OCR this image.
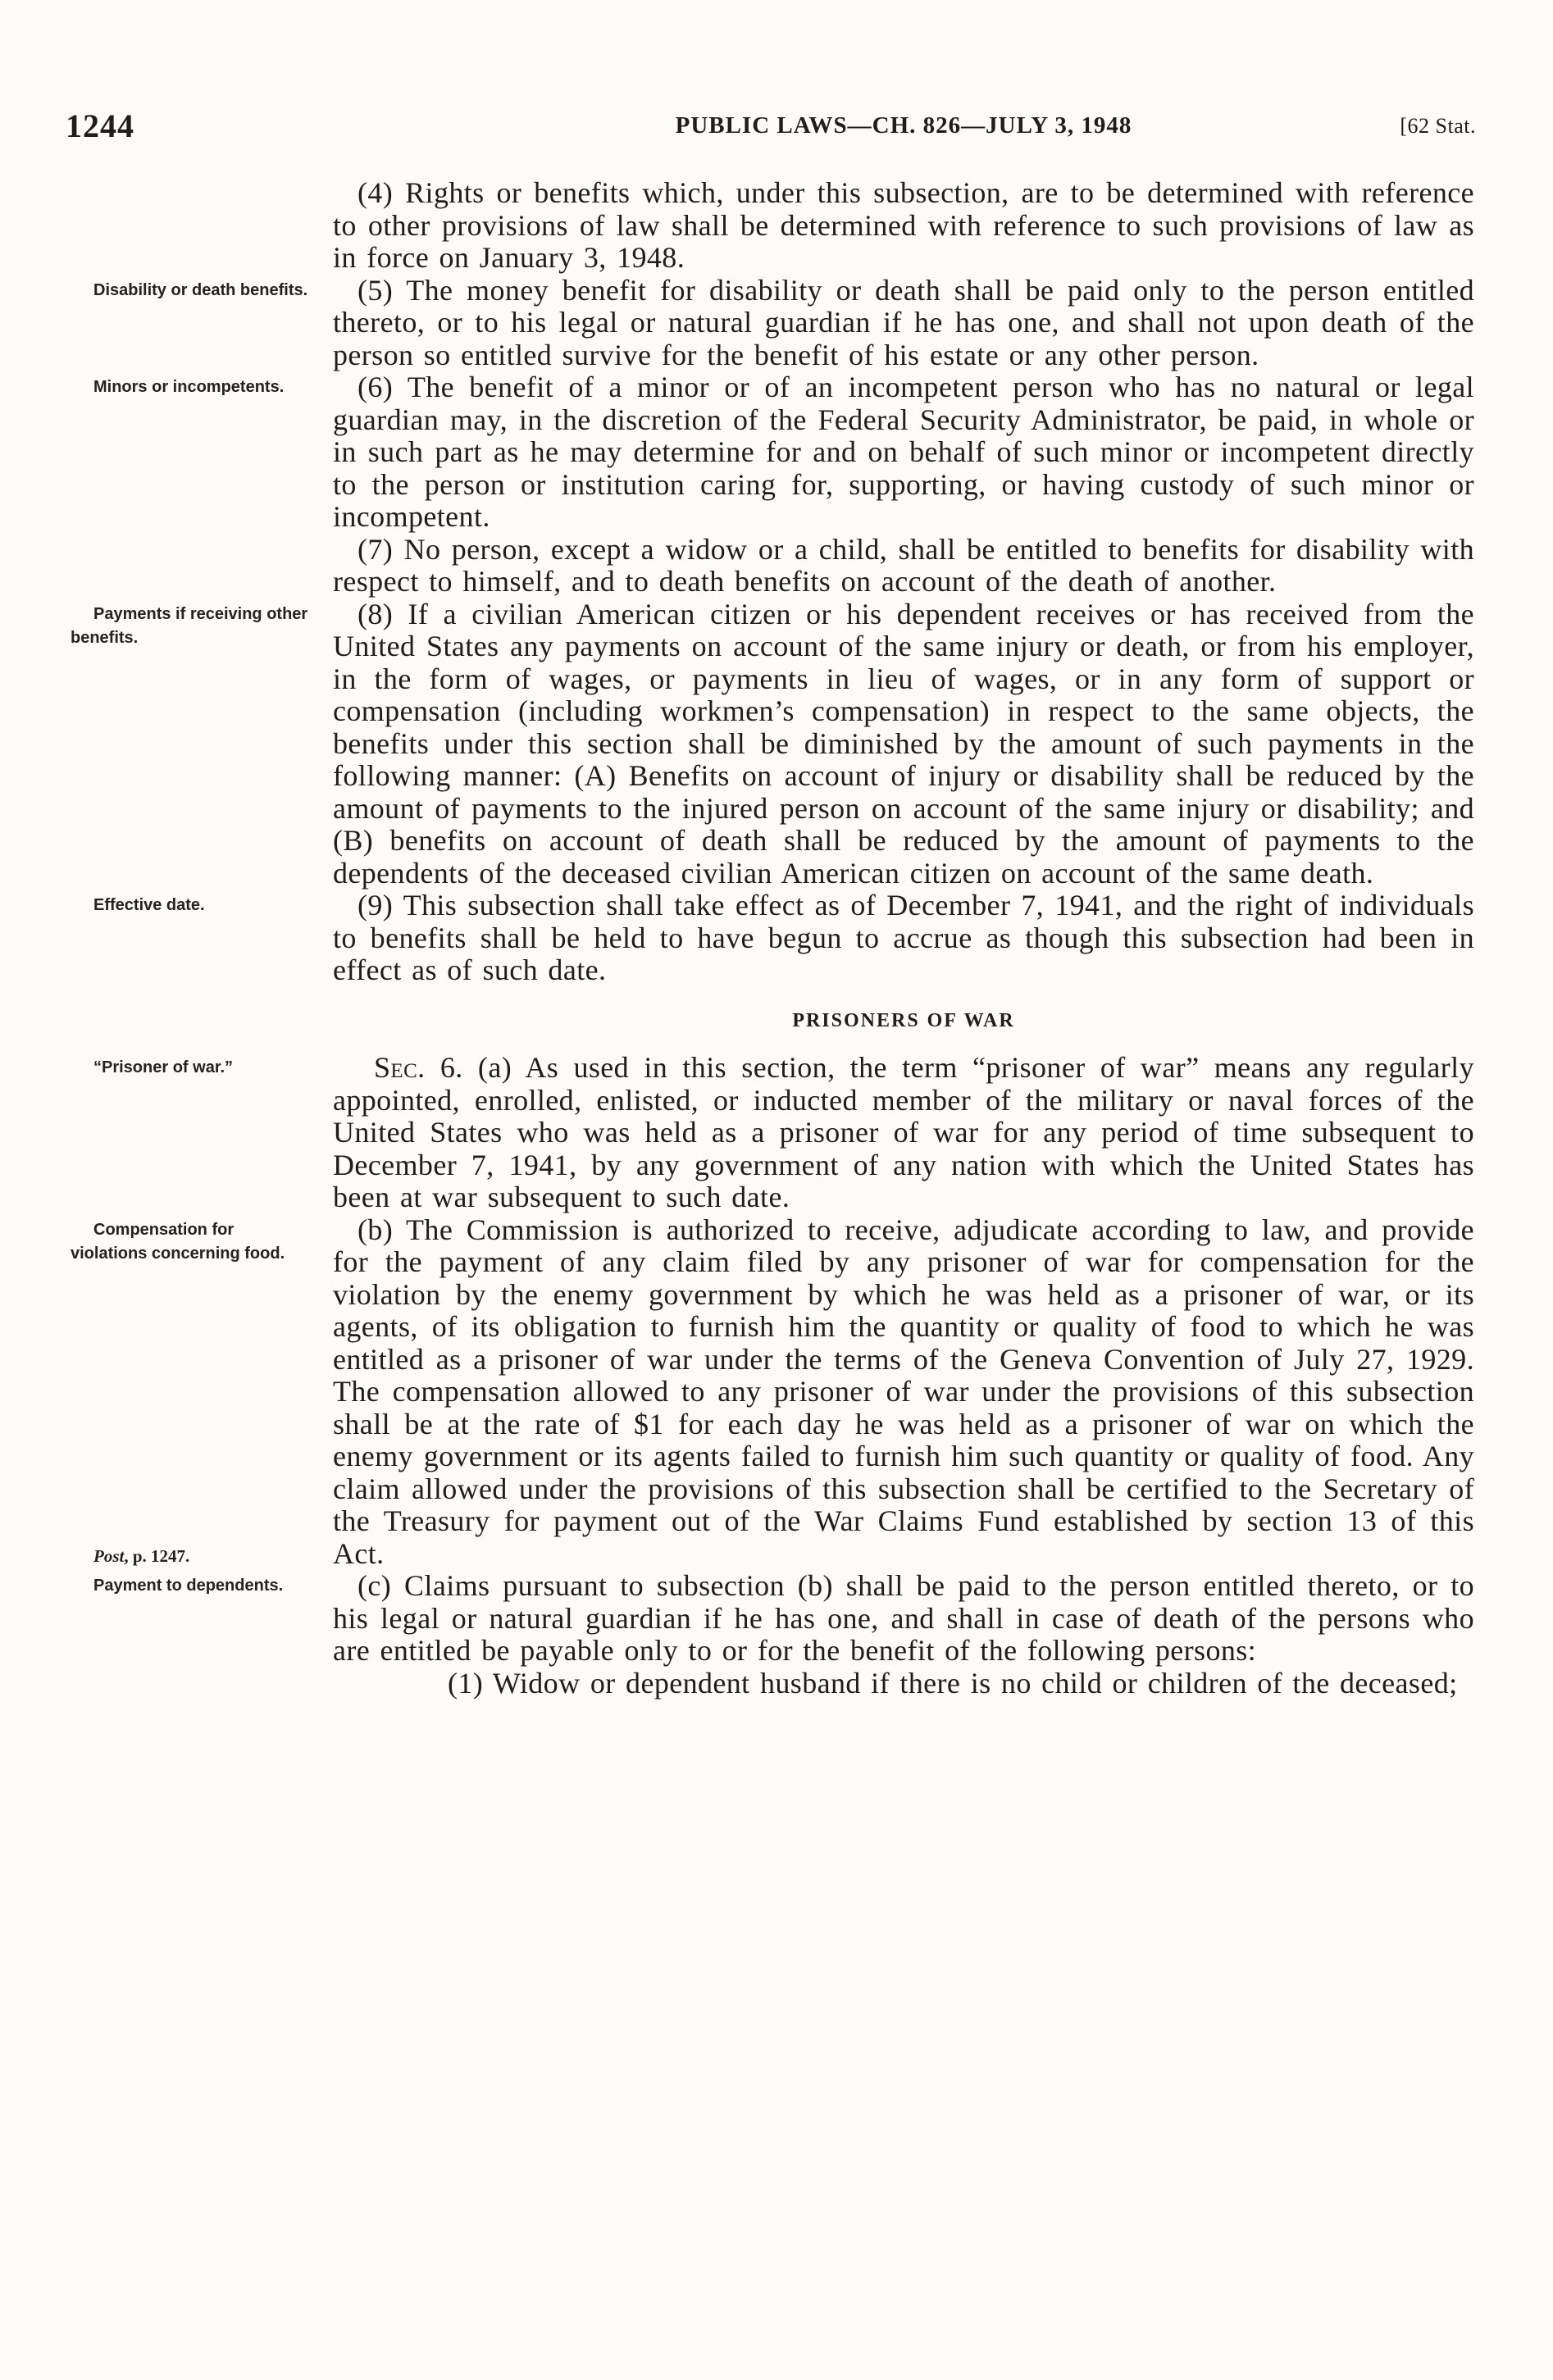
1244	PUBLIC LAWS—CH. 826—JULY 3, 1948	[62 Stat.

(4) Rights or benefits which, under this subsection, are to be determined with reference to other provisions of law shall be determined with reference to such provisions of law as in force on January 3, 1948.

Disability or death benefits. (5) The money benefit for disability or death shall be paid only to the person entitled thereto, or to his legal or natural guardian if he has one, and shall not upon death of the person so entitled survive for the benefit of his estate or any other person.

Minors or incompetents.	(6) The benefit of a minor or of an incompetent person who has no natural or legal guardian may, in the discretion of the Federal Security Administrator, be paid, in whole or in such part as he may determine for and on behalf of such minor or incompetent directly to the person or institution caring for, supporting, or having custody of such minor or incompetent.

(7) No person, except a widow or a child, shall be entitled to benefits for disability with respect to himself, and to death benefits on account of the death of another.

Payments if receiving other benefits.
(8) If a civilian American citizen or his dependent receives or has received from the United States any payments on account of the same injury or death, or from his employer, in the form of wages, or payments in lieu of wages, or in any form of support or compensation (including workmen’s compensation) in respect to the same objects, the benefits under this section shall be diminished by the amount of such payments in the following manner: (A) Benefits on account of injury or disability shall be reduced by the amount of payments to the injured person on account of the same injury or disability; and (B) benefits on account of death shall be reduced by the amount of payments to the dependents of the deceased civilian American citizen on account of the same death.

Effective date.	(9) This subsection shall take effect as of December 7, 1941, and the right of individuals to benefits shall be held to have begun to accrue as though this subsection had been in effect as of such date.

PRISONERS OF WAR

“Prisoner of war.”	Sec. 6. (a) As used in this section, the term “prisoner of war” means any regularly appointed, enrolled, enlisted, or inducted member of the military or naval forces of the United States who was held as a prisoner of war for any period of time subsequent to December 7, 1941, by any government of any nation with which the United States has been at war subsequent to such date.

Compensation for violations concerning food.
Post, p. 1247.
(b) The Commission is authorized to receive, adjudicate according to law, and provide for the payment of any claim filed by any prisoner of war for compensation for the violation by the enemy government by which he was held as a prisoner of war, or its agents, of its obligation to furnish him the quantity or quality of food to which he was entitled as a prisoner of war under the terms of the Geneva Convention of July 27, 1929. The compensation allowed to any prisoner of war under the provisions of this subsection shall be at the rate of $1 for each day he was held as a prisoner of war on which the enemy government or its agents failed to furnish him such quantity or quality of food. Any claim allowed under the provisions of this subsection shall be certified to the Secretary of the Treasury for payment out of the War Claims Fund established by section 13 of this Act.

Payment to dependents.	(c) Claims pursuant to subsection (b) shall be paid to the person entitled thereto, or to his legal or natural guardian if he has one, and shall in case of death of the persons who are entitled be payable only to or for the benefit of the following persons:

(1) Widow or dependent husband if there is no child or children of the deceased;
